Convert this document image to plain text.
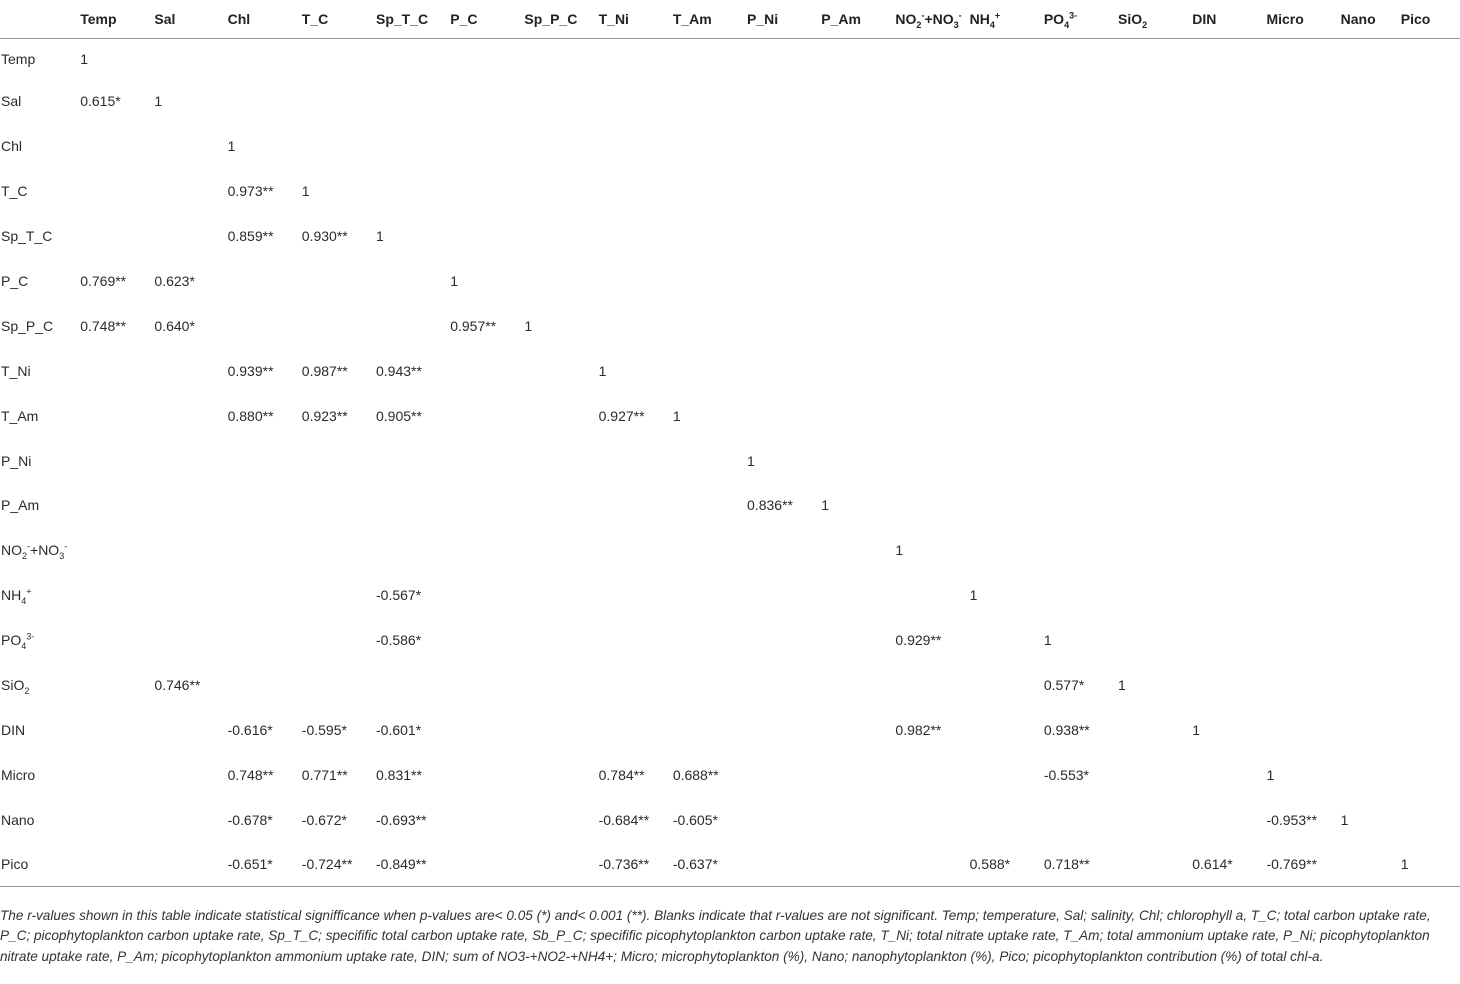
	Temp	Sal	Chl	T_C	Sp_T_C	P_C	Sp_P_C	T_Ni	T_Am	P_Ni	P_Am	$NO_2^-+NO_3^-$	$NH_4^+$	$PO_4^{3-}$	SiO$_2$	DIN	Micro	Nano	Pico
Temp	1																		
Sal	0.615*	1																	
Chl			1																
T_C			0.973**	1															
Sp_T_C			0.859**	0.930**	1														
P_C	0.769**	0.623*				1													
Sp_P_C	0.748**	0.640*				0.957**	1												
T_Ni			0.939**	0.987**	0.943**			1											
T_Am			0.880**	0.923**	0.905**			0.927**	1										
P_Ni										1									
P_Am										0.836**	1								
$NO_2^-+NO_3^-$												1							
$NH_4^+$					-0.567*								1						
$PO_4^{3-}$					-0.586*							0.929**		1					
SiO$_2$		0.746**												0.577*	1				
DIN			-0.616*	-0.595*	-0.601*							0.982**		0.938**		1			
Micro			0.748**	0.771**	0.831**			0.784**	0.688**					-0.553*			1		
Nano			-0.678*	-0.672*	-0.693**			-0.684**	-0.605*								-0.953**	1	
Pico			-0.651*	-0.724**	-0.849**			-0.736**	-0.637*				0.588*	0.718**		0.614*	-0.769**		1
The r-values shown in this table indicate statistical signifficance when p-values are< 0.05 (*) and< 0.001 (**). Blanks indicate that r-values are not significant. Temp; temperature, Sal; salinity, Chl; chlorophyll a, T_C; total carbon uptake rate, P_C; picophytoplankton carbon uptake rate, Sp_T_C; specifific total carbon uptake rate, Sb_P_C; specifific picophytoplankton carbon uptake rate, T_Ni; total nitrate uptake rate, T_Am; total ammonium uptake rate, P_Ni; picophytoplankton nitrate uptake rate, P_Am; picophytoplankton ammonium uptake rate, DIN; sum of NO3-+NO2-+NH4+; Micro; microphytoplankton (%), Nano; nanophytoplankton (%), Pico; picophytoplankton contribution (%) of total chl-a.
